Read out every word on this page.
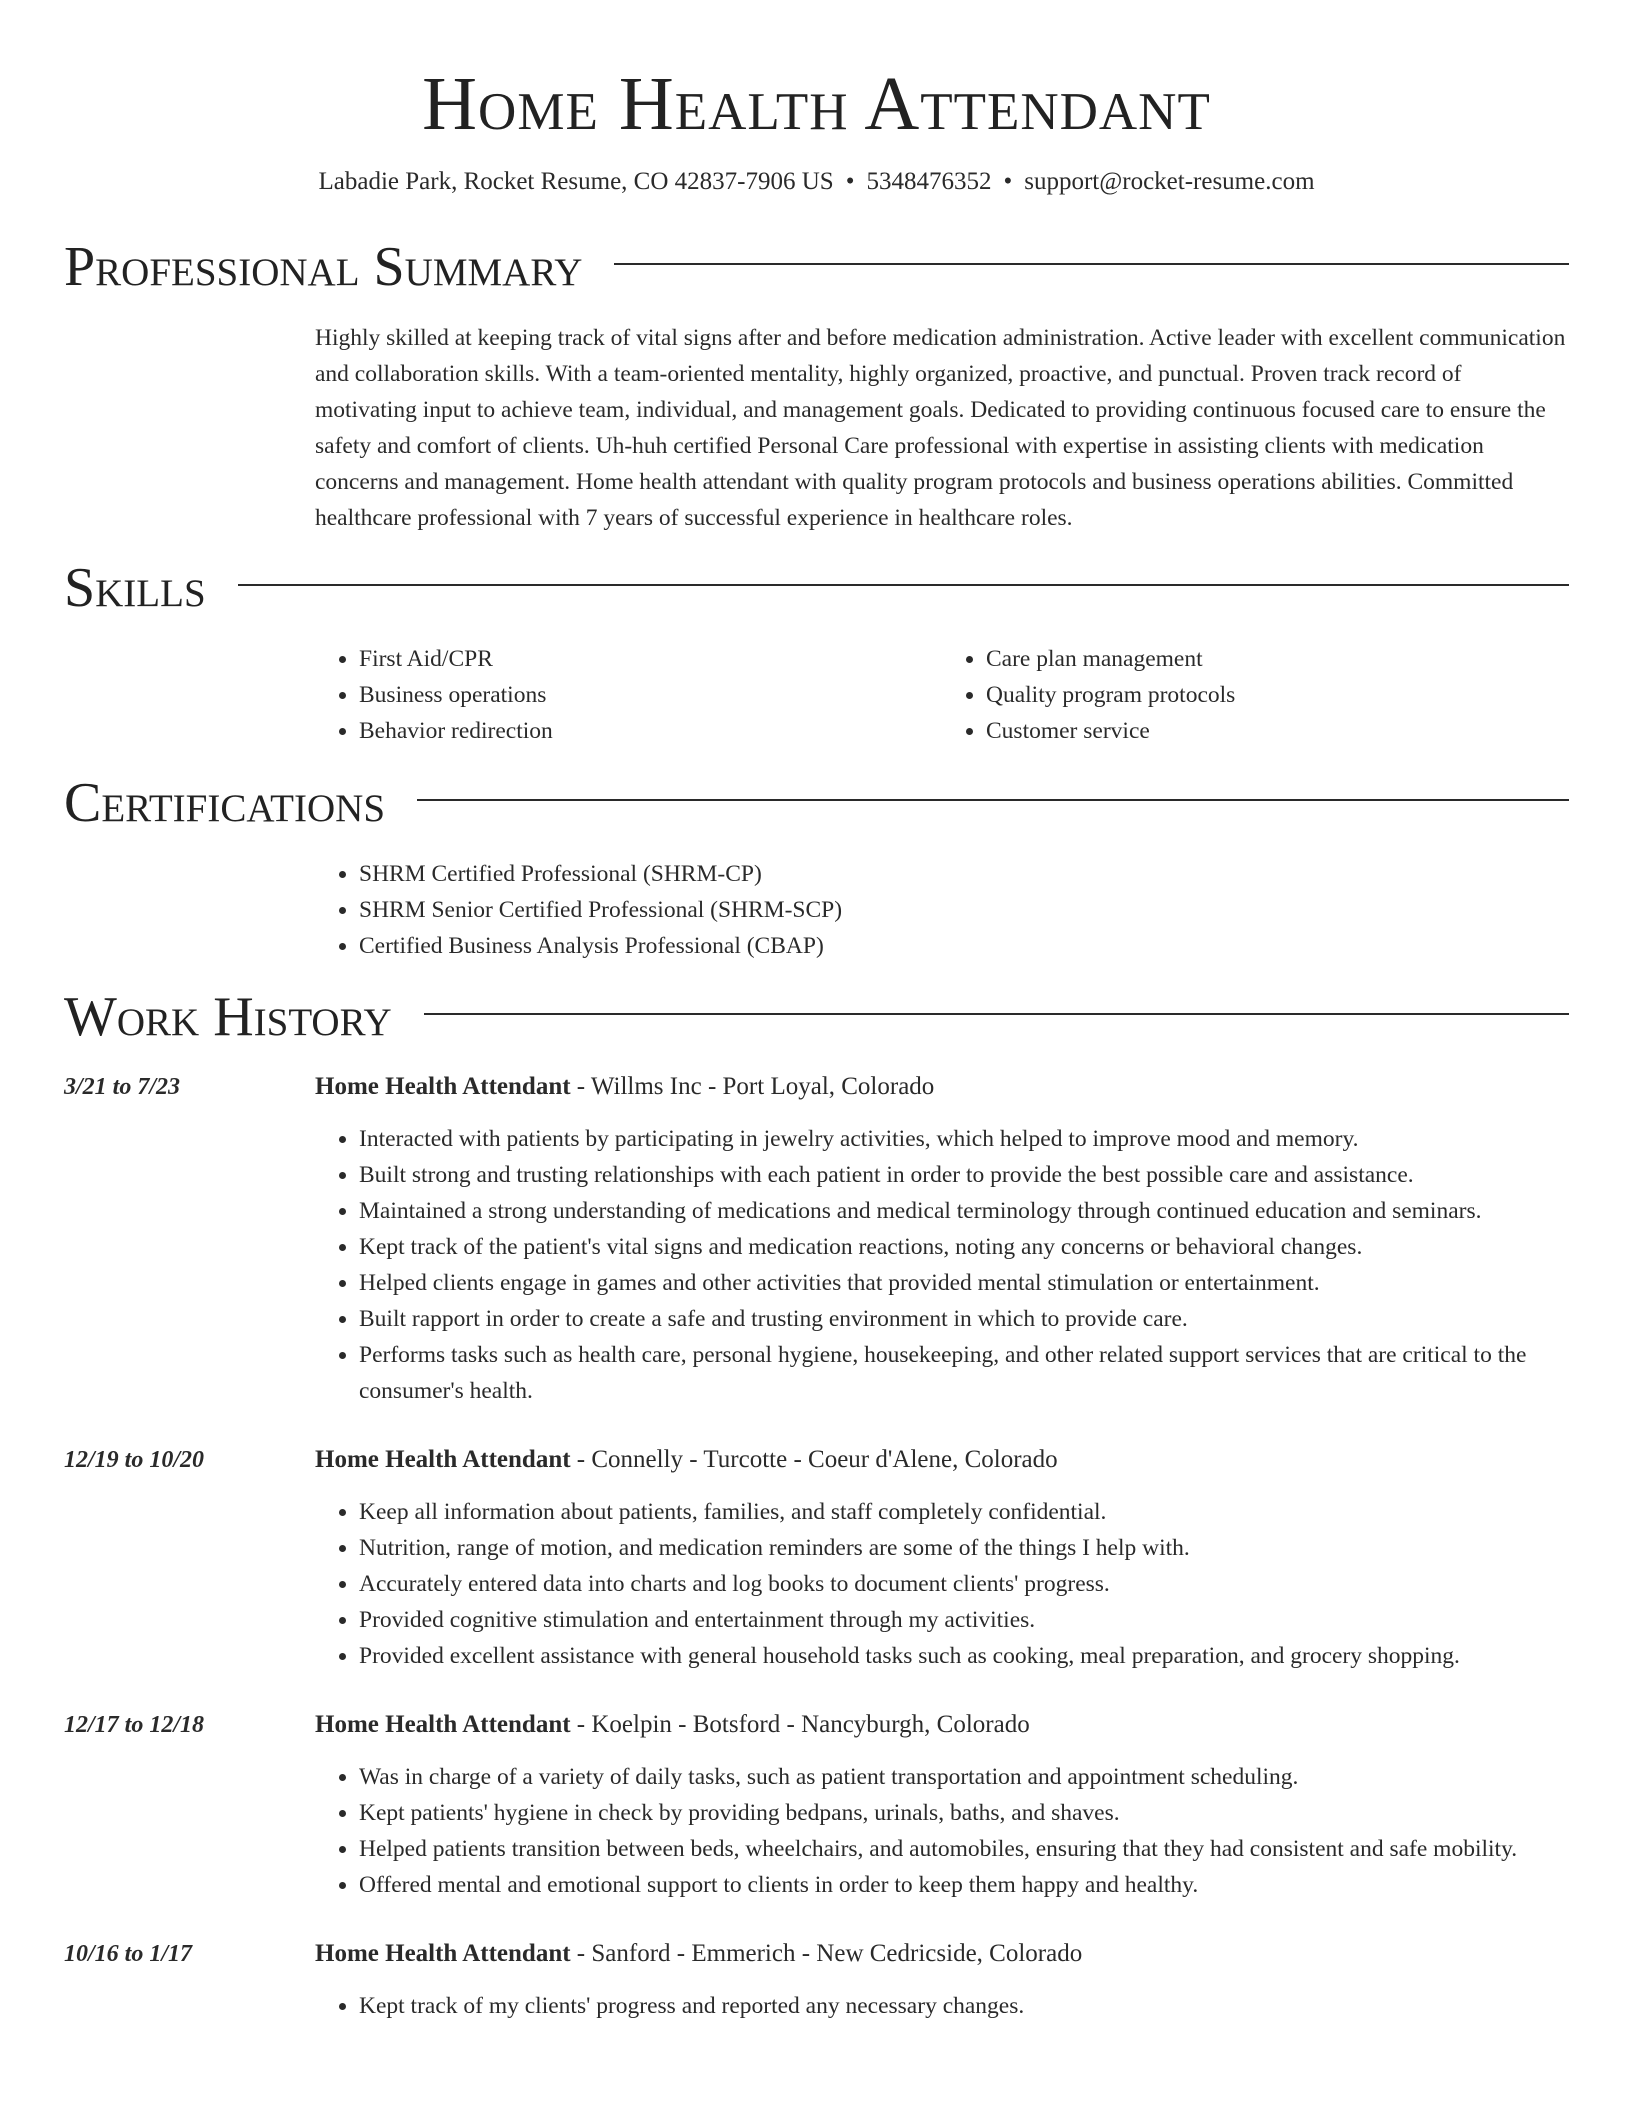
Home Health Attendant
Labadie Park, Rocket Resume, CO 42837-7906 US • 5348476352 • support@rocket-resume.com
Professional Summary

Highly skilled at keeping track of vital signs after and before medication administration. Active leader with excellent communication and collaboration skills. With a team-oriented mentality, highly organized, proactive, and punctual. Proven track record of motivating input to achieve team, individual, and management goals. Dedicated to providing continuous focused care to ensure the safety and comfort of clients. Uh-huh certified Personal Care professional with expertise in assisting clients with medication concerns and management. Home health attendant with quality program protocols and business operations abilities. Committed healthcare professional with 7 years of successful experience in healthcare roles.

Skills
• First Aid/CPR
• Business operations
• Behavior redirection
• Care plan management
• Quality program protocols
• Customer service
Certifications
• SHRM Certified Professional (SHRM-CP)
• SHRM Senior Certified Professional (SHRM-SCP)
• Certified Business Analysis Professional (CBAP)
Work History
3/21 to 7/23	Home Health Attendant - Willms Inc - Port Loyal, Colorado
• Interacted with patients by participating in jewelry activities, which helped to improve mood and memory.
• Built strong and trusting relationships with each patient in order to provide the best possible care and assistance.
• Maintained a strong understanding of medications and medical terminology through continued education and seminars.
• Kept track of the patient's vital signs and medication reactions, noting any concerns or behavioral changes.
• Helped clients engage in games and other activities that provided mental stimulation or entertainment.
• Built rapport in order to create a safe and trusting environment in which to provide care.
• Performs tasks such as health care, personal hygiene, housekeeping, and other related support services that are critical to the consumer's health.
12/19 to 10/20	Home Health Attendant - Connelly - Turcotte - Coeur d'Alene, Colorado
• Keep all information about patients, families, and staff completely confidential.
• Nutrition, range of motion, and medication reminders are some of the things I help with.
• Accurately entered data into charts and log books to document clients' progress.
• Provided cognitive stimulation and entertainment through my activities.
• Provided excellent assistance with general household tasks such as cooking, meal preparation, and grocery shopping.
12/17 to 12/18	Home Health Attendant - Koelpin - Botsford - Nancyburgh, Colorado
• Was in charge of a variety of daily tasks, such as patient transportation and appointment scheduling.
• Kept patients' hygiene in check by providing bedpans, urinals, baths, and shaves.
• Helped patients transition between beds, wheelchairs, and automobiles, ensuring that they had consistent and safe mobility.
• Offered mental and emotional support to clients in order to keep them happy and healthy.
10/16 to 1/17	Home Health Attendant - Sanford - Emmerich - New Cedricside, Colorado
• Kept track of my clients' progress and reported any necessary changes.
